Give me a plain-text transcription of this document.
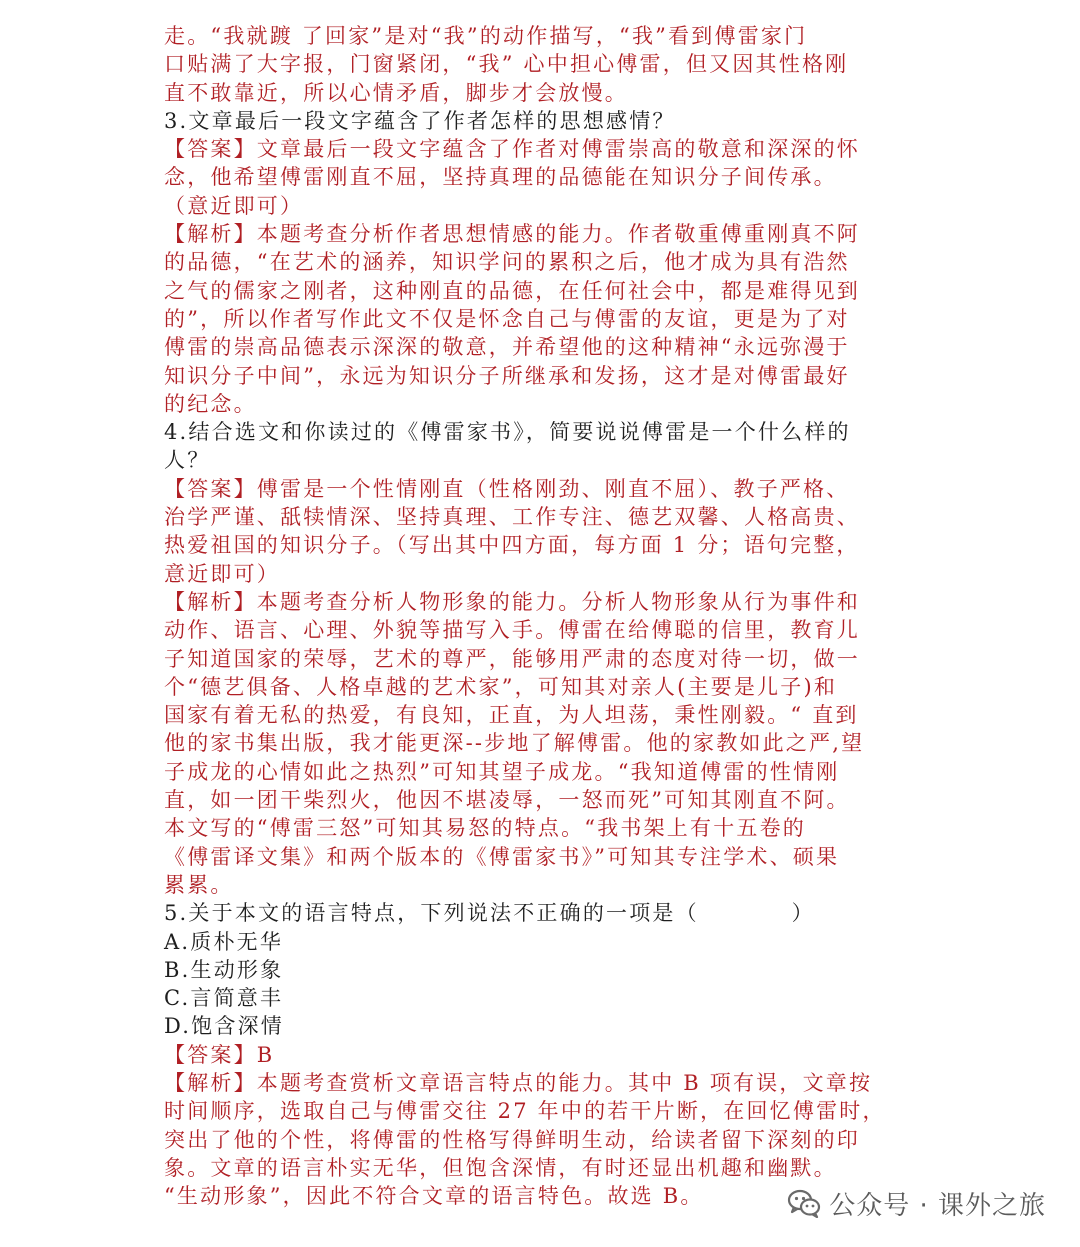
走。“我就踱 了回家”是对“我”的动作描写，“我”看到傅雷家门
口贴满了大字报，门窗紧闭，“我” 心中担心傅雷，但又因其性格刚
直不敢靠近，所以心情矛盾，脚步才会放慢。
3.文章最后一段文字蕴含了作者怎样的思想感情？
【答案】文章最后一段文字蕴含了作者对傅雷崇高的敬意和深深的怀
念，他希望傅雷刚直不屈，坚持真理的品德能在知识分子间传承。
（意近即可）
【解析】本题考查分析作者思想情感的能力。作者敬重傅重刚真不阿
的品德，“在艺术的涵养，知识学问的累积之后，他才成为具有浩然
之气的儒家之刚者，这种刚直的品德，在任何社会中，都是难得见到
的”，所以作者写作此文不仅是怀念自己与傅雷的友谊，更是为了对
傅雷的崇高品德表示深深的敬意，并希望他的这种精神“永远弥漫于
知识分子中间”，永远为知识分子所继承和发扬，这才是对傅雷最好
的纪念。
4.结合选文和你读过的《傅雷家书》，简要说说傅雷是一个什么样的
人？
【答案】傅雷是一个性情刚直（性格刚劲、刚直不屈）、教子严格、
治学严谨、舐犊情深、坚持真理、工作专注、德艺双馨、人格高贵、
热爱祖国的知识分子。（写出其中四方面，每方面 1 分；语句完整，
意近即可）
【解析】本题考查分析人物形象的能力。分析人物形象从行为事件和
动作、语言、心理、外貌等描写入手。傅雷在给傅聪的信里，教育儿
子知道国家的荣辱，艺术的尊严，能够用严肃的态度对待一切，做一
个“德艺俱备、人格卓越的艺术家”，可知其对亲人(主要是儿子)和
国家有着无私的热爱，有良知，正直，为人坦荡，秉性刚毅。“ 直到
他的家书集出版，我才能更深--步地了解傅雷。他的家教如此之严,望
子成龙的心情如此之热烈”可知其望子成龙。“我知道傅雷的性情刚
直，如一团干柴烈火，他因不堪凌辱，一怒而死”可知其刚直不阿。
本文写的“傅雷三怒”可知其易怒的特点。“我书架上有十五卷的
《傅雷译文集》和两个版本的《傅雷家书》”可知其专注学术、硕果
累累。
5.关于本文的语言特点，下列说法不正确的一项是（　　　　）
A.质朴无华
B.生动形象
C.言简意丰
D.饱含深情
【答案】B
【解析】本题考查赏析文章语言特点的能力。其中 B 项有误，文章按
时间顺序，选取自己与傅雷交往 27 年中的若干片断，在回忆傅雷时，
突出了他的个性，将傅雷的性格写得鲜明生动，给读者留下深刻的印
象。文章的语言朴实无华，但饱含深情，有时还显出机趣和幽默。
“生动形象”，因此不符合文章的语言特色。故选 B。	公众号 · 课外之旅
